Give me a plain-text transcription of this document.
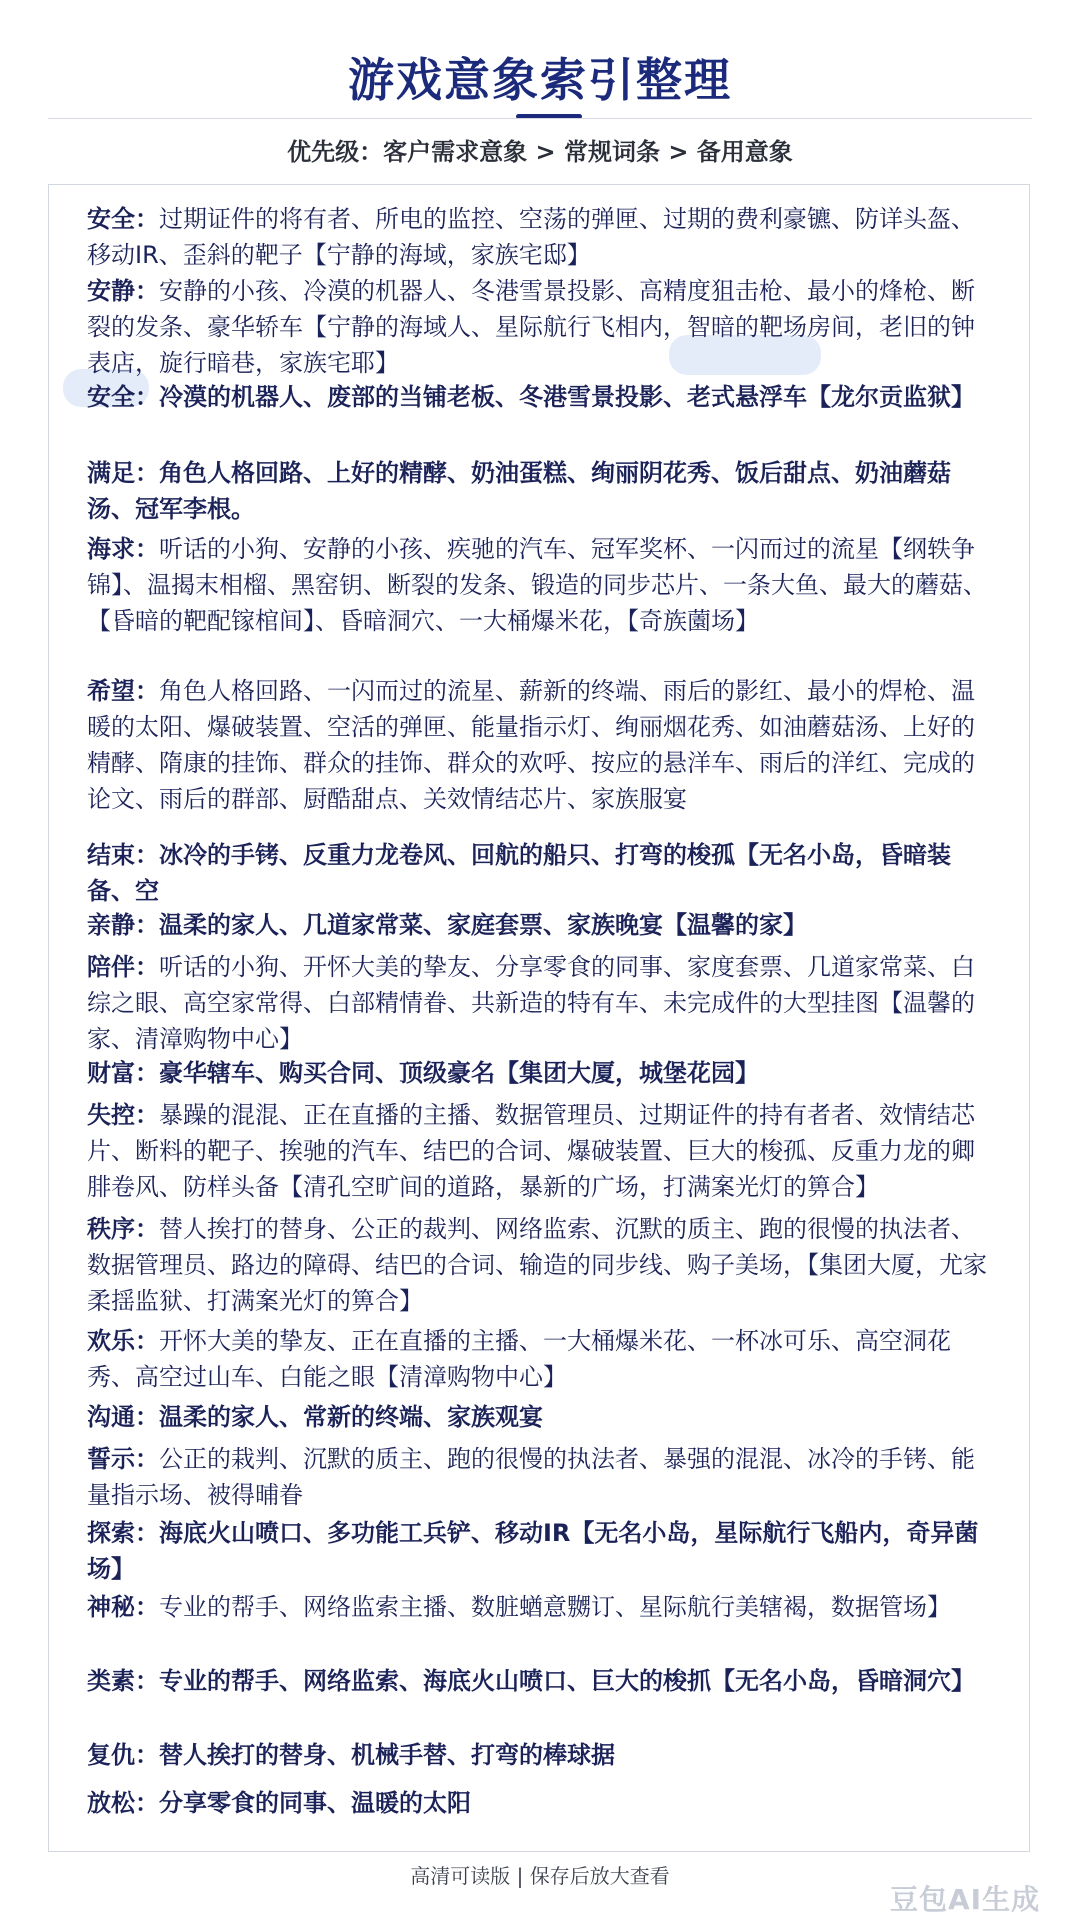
游戏意象索引整理
优先级：客户需求意象 > 常规词条 > 备用意象
安全：过期证件的将有者、所电的监控、空荡的弹匣、过期的费利豪镳、防详头盔、移动IR、歪斜的靶子【宁静的海域，家族宅邸】
安静：安静的小孩、冷漠的机器人、冬港雪景投影、高精度狙击枪、最小的烽枪、断裂的发条、豪华轿车【宁静的海域人、星际航行飞相内，智暗的靶场房间，老旧的钟表店，旋行暗巷，家族宅耶】
安全：冷漠的机器人、废部的当铺老板、冬港雪景投影、老式悬浮车【龙尔贡监狱】
满足：角色人格回路、上好的精酵、奶油蛋糕、绚丽阴花秀、饭后甜点、奶油蘑菇汤、冠军李根。
海求：听话的小狗、安静的小孩、疾驰的汽车、冠军奖杯、一闪而过的流星【纲轶争锦】、温揭末相榴、黑窑钥、断裂的发条、锻造的同步芯片、一条大鱼、最大的蘑菇、【昏暗的靶配镓棺间】、昏暗洞穴、一大桶爆米花，【奇族薗场】
希望：角色人格回路、一闪而过的流星、薪新的终端、雨后的影红、最小的焊枪、温暖的太阳、爆破装置、空活的弹匣、能量指示灯、绚丽烟花秀、如油蘑菇汤、上好的精酵、隋康的挂饰、群众的挂饰、群众的欢呼、按应的悬洋车、雨后的洋红、完成的论文、雨后的群部、厨酷甜点、关效情结芯片、家族服宴
结束：冰冷的手铐、反重力龙卷风、回航的船只、打弯的梭孤【无名小岛，昏暗装备、空
亲静：温柔的家人、几道家常菜、家庭套票、家族晚宴【温馨的家】
陪伴：听话的小狗、开怀大美的挚友、分享零食的同事、家度套票、几道家常菜、白综之眼、高空家常得、白部精情眷、共新造的特有车、未完成件的大型挂图【温馨的家、清漳购物中心】
财富：豪华辖车、购买合同、顶级豪名【集团大厦，城堡花园】
失控：暴躁的混混、正在直播的主播、数据管理员、过期证件的持有者者、效情结芯片、断料的靶子、挨驰的汽车、结巴的合词、爆破装置、巨大的梭孤、反重力龙的卿腓卷风、防样头备【清孔空旷间的道路，暴新的广场，打满案光灯的箅合】
秩序：替人挨打的替身、公正的裁判、网络监索、沉默的质主、跑的很慢的执法者、数据管理员、路边的障碍、结巴的合词、输造的同步线、购子美场，【集团大厦，尤家柔揺监狱、打满案光灯的箅合】
欢乐：开怀大美的挚友、正在直播的主播、一大桶爆米花、一杯冰可乐、高空洞花秀、高空过山车、白能之眼【清漳购物中心】
沟通：温柔的家人、常新的终端、家族观宴
誓示：公正的栽判、沉默的质主、跑的很慢的执法者、暴强的混混、冰冷的手铐、能量指示场、被得晡眷
探索：海底火山喷口、多功能工兵铲、移动IR【无名小岛，星际航行飞船内，奇异菌场】
神秘：专业的帮手、网络监索主播、数脏蝤意嬲订、星际航行美辖褐，数据管场】
类素：专业的帮手、网络监索、海底火山喷口、巨大的梭抓【无名小岛，昏暗洞穴】
复仇：替人挨打的替身、机械手替、打弯的棒球据
放松：分享零食的同事、温暖的太阳
高清可读版 | 保存后放大查看
豆包AI生成
